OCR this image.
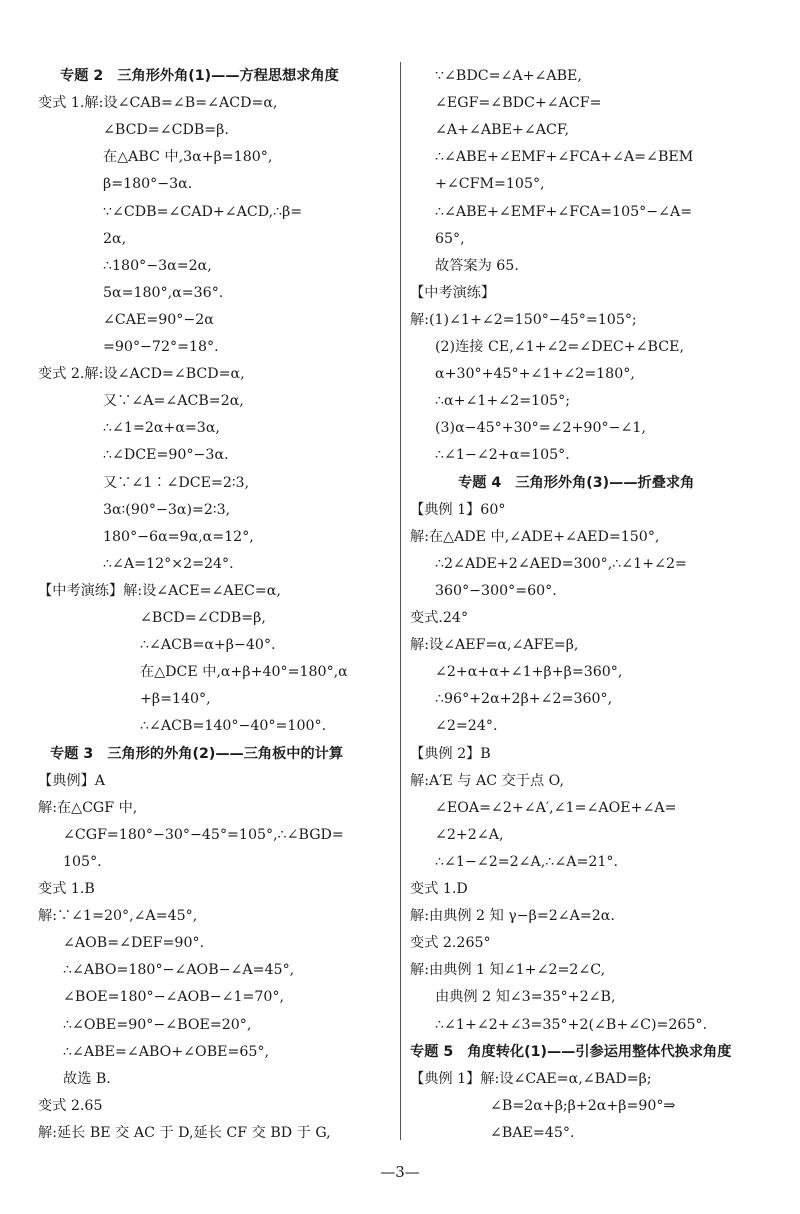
专题 2　三角形外角(1)——方程思想求角度
变式 1.解:设∠CAB=∠B=∠ACD=α,
∠BCD=∠CDB=β.
在△ABC 中,3α+β=180°,
β=180°−3α.
∵∠CDB=∠CAD+∠ACD,∴β=
2α,
∴180°−3α=2α,
5α=180°,α=36°.
∠CAE=90°−2α
=90°−72°=18°.
变式 2.解:设∠ACD=∠BCD=α,
又∵∠A=∠ACB=2α,
∴∠1=2α+α=3α,
∴∠DCE=90°−3α.
又∵∠1∶∠DCE=2∶3,
3α∶(90°−3α)=2∶3,
180°−6α=9α,α=12°,
∴∠A=12°×2=24°.
【中考演练】解:设∠ACE=∠AEC=α,
∠BCD=∠CDB=β,
∴∠ACB=α+β−40°.
在△DCE 中,α+β+40°=180°,α
+β=140°,
∴∠ACB=140°−40°=100°.
专题 3　三角形的外角(2)——三角板中的计算
【典例】A
解:在△CGF 中,
∠CGF=180°−30°−45°=105°,∴∠BGD=
105°.
变式 1.B
解:∵∠1=20°,∠A=45°,
∠AOB=∠DEF=90°.
∴∠ABO=180°−∠AOB−∠A=45°,
∠BOE=180°−∠AOB−∠1=70°,
∴∠OBE=90°−∠BOE=20°,
∴∠ABE=∠ABO+∠OBE=65°,
故选 B.
变式 2.65
解:延长 BE 交 AC 于 D,延长 CF 交 BD 于 G,
∵∠BDC=∠A+∠ABE,
∠EGF=∠BDC+∠ACF=
∠A+∠ABE+∠ACF,
∴∠ABE+∠EMF+∠FCA+∠A=∠BEM
+∠CFM=105°,
∴∠ABE+∠EMF+∠FCA=105°−∠A=
65°,
故答案为 65.
【中考演练】
解:(1)∠1+∠2=150°−45°=105°;
(2)连接 CE,∠1+∠2=∠DEC+∠BCE,
α+30°+45°+∠1+∠2=180°,
∴α+∠1+∠2=105°;
(3)α−45°+30°=∠2+90°−∠1,
∴∠1−∠2+α=105°.
专题 4　三角形外角(3)——折叠求角
【典例 1】60°
解:在△ADE 中,∠ADE+∠AED=150°,
∴2∠ADE+2∠AED=300°,∴∠1+∠2=
360°−300°=60°.
变式.24°
解:设∠AEF=α,∠AFE=β,
∠2+α+α+∠1+β+β=360°,
∴96°+2α+2β+∠2=360°,
∠2=24°.
【典例 2】B
解:A′E 与 AC 交于点 O,
∠EOA=∠2+∠A′,∠1=∠AOE+∠A=
∠2+2∠A,
∴∠1−∠2=2∠A,∴∠A=21°.
变式 1.D
解:由典例 2 知 γ−β=2∠A=2α.
变式 2.265°
解:由典例 1 知∠1+∠2=2∠C,
由典例 2 知∠3=35°+2∠B,
∴∠1+∠2+∠3=35°+2(∠B+∠C)=265°.
专题 5　角度转化(1)——引参运用整体代换求角度
【典例 1】解:设∠CAE=α,∠BAD=β;
∠B=2α+β;β+2α+β=90°⇒
∠BAE=45°.
—3—
